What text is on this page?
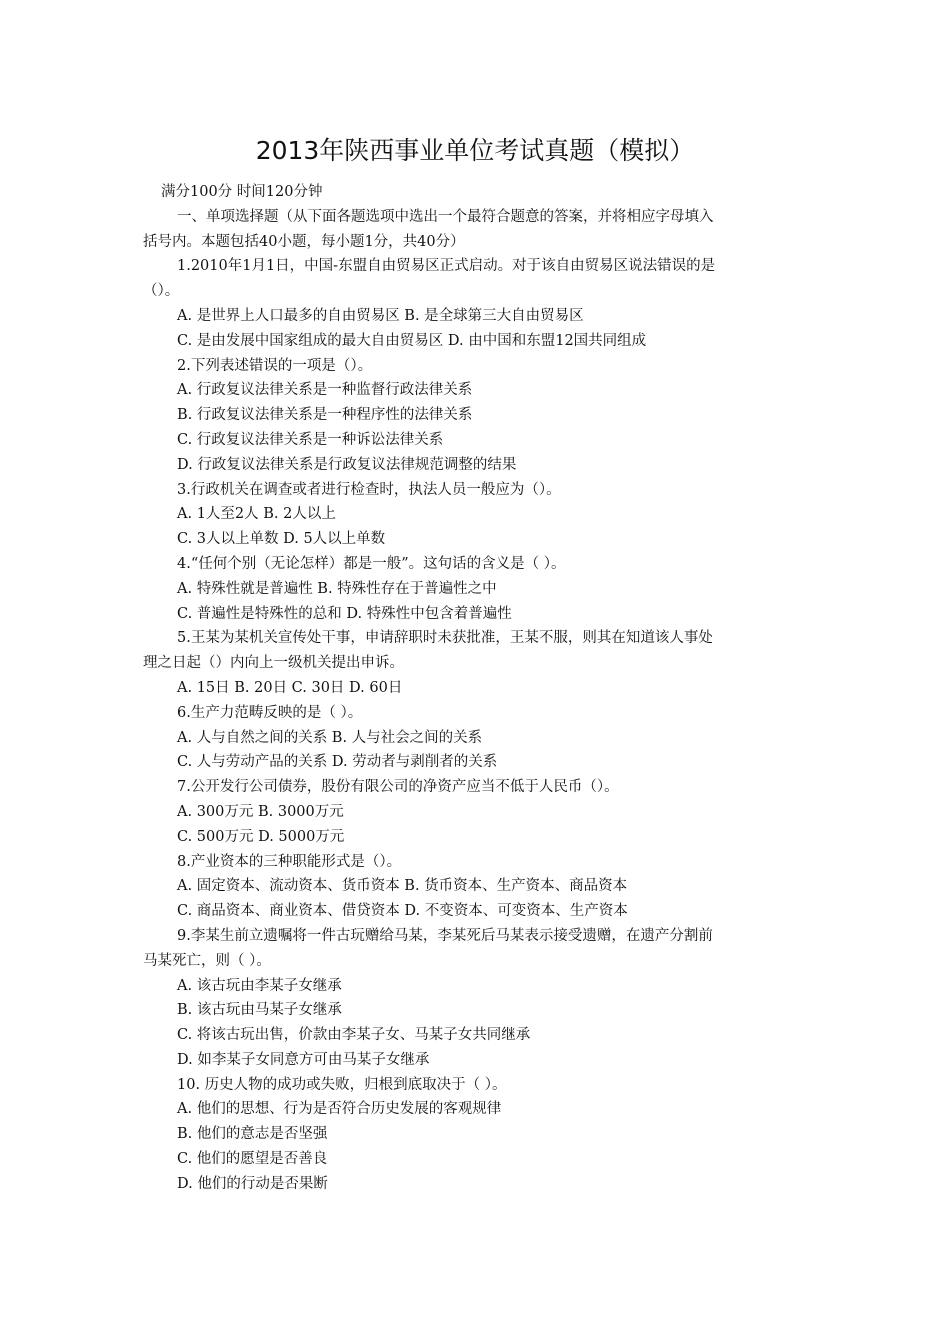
2013年陕西事业单位考试真题（模拟）
满分100分 时间120分钟
一、单项选择题（从下面各题选项中选出一个最符合题意的答案，并将相应字母填入
括号内。本题包括40小题，每小题1分，共40分）
1.2010年1月1日，中国-东盟自由贸易区正式启动。对于该自由贸易区说法错误的是
（）。
A. 是世界上人口最多的自由贸易区 B. 是全球第三大自由贸易区
C. 是由发展中国家组成的最大自由贸易区 D. 由中国和东盟12国共同组成
2.下列表述错误的一项是（）。
A. 行政复议法律关系是一种监督行政法律关系
B. 行政复议法律关系是一种程序性的法律关系
C. 行政复议法律关系是一种诉讼法律关系
D. 行政复议法律关系是行政复议法律规范调整的结果
3.行政机关在调查或者进行检查时，执法人员一般应为（）。
A. 1人至2人 B. 2人以上
C. 3人以上单数 D. 5人以上单数
4.“任何个别（无论怎样）都是一般”。这句话的含义是（ ）。
A. 特殊性就是普遍性 B. 特殊性存在于普遍性之中
C. 普遍性是特殊性的总和 D. 特殊性中包含着普遍性
5.王某为某机关宣传处干事，申请辞职时未获批准，王某不服，则其在知道该人事处
理之日起（）内向上一级机关提出申诉。
A. 15日 B. 20日 C. 30日 D. 60日
6.生产力范畴反映的是（ ）。
A. 人与自然之间的关系 B. 人与社会之间的关系
C. 人与劳动产品的关系 D. 劳动者与剥削者的关系
7.公开发行公司债券，股份有限公司的净资产应当不低于人民币（）。
A. 300万元 B. 3000万元
C. 500万元 D. 5000万元
8.产业资本的三种职能形式是（）。
A. 固定资本、流动资本、货币资本 B. 货币资本、生产资本、商品资本
C. 商品资本、商业资本、借贷资本 D. 不变资本、可变资本、生产资本
9.李某生前立遗嘱将一件古玩赠给马某，李某死后马某表示接受遗赠，在遗产分割前
马某死亡，则（ ）。
A. 该古玩由李某子女继承
B. 该古玩由马某子女继承
C. 将该古玩出售，价款由李某子女、马某子女共同继承
D. 如李某子女同意方可由马某子女继承
10. 历史人物的成功或失败，归根到底取决于（ ）。
A. 他们的思想、行为是否符合历史发展的客观规律
B. 他们的意志是否坚强
C. 他们的愿望是否善良
D. 他们的行动是否果断
